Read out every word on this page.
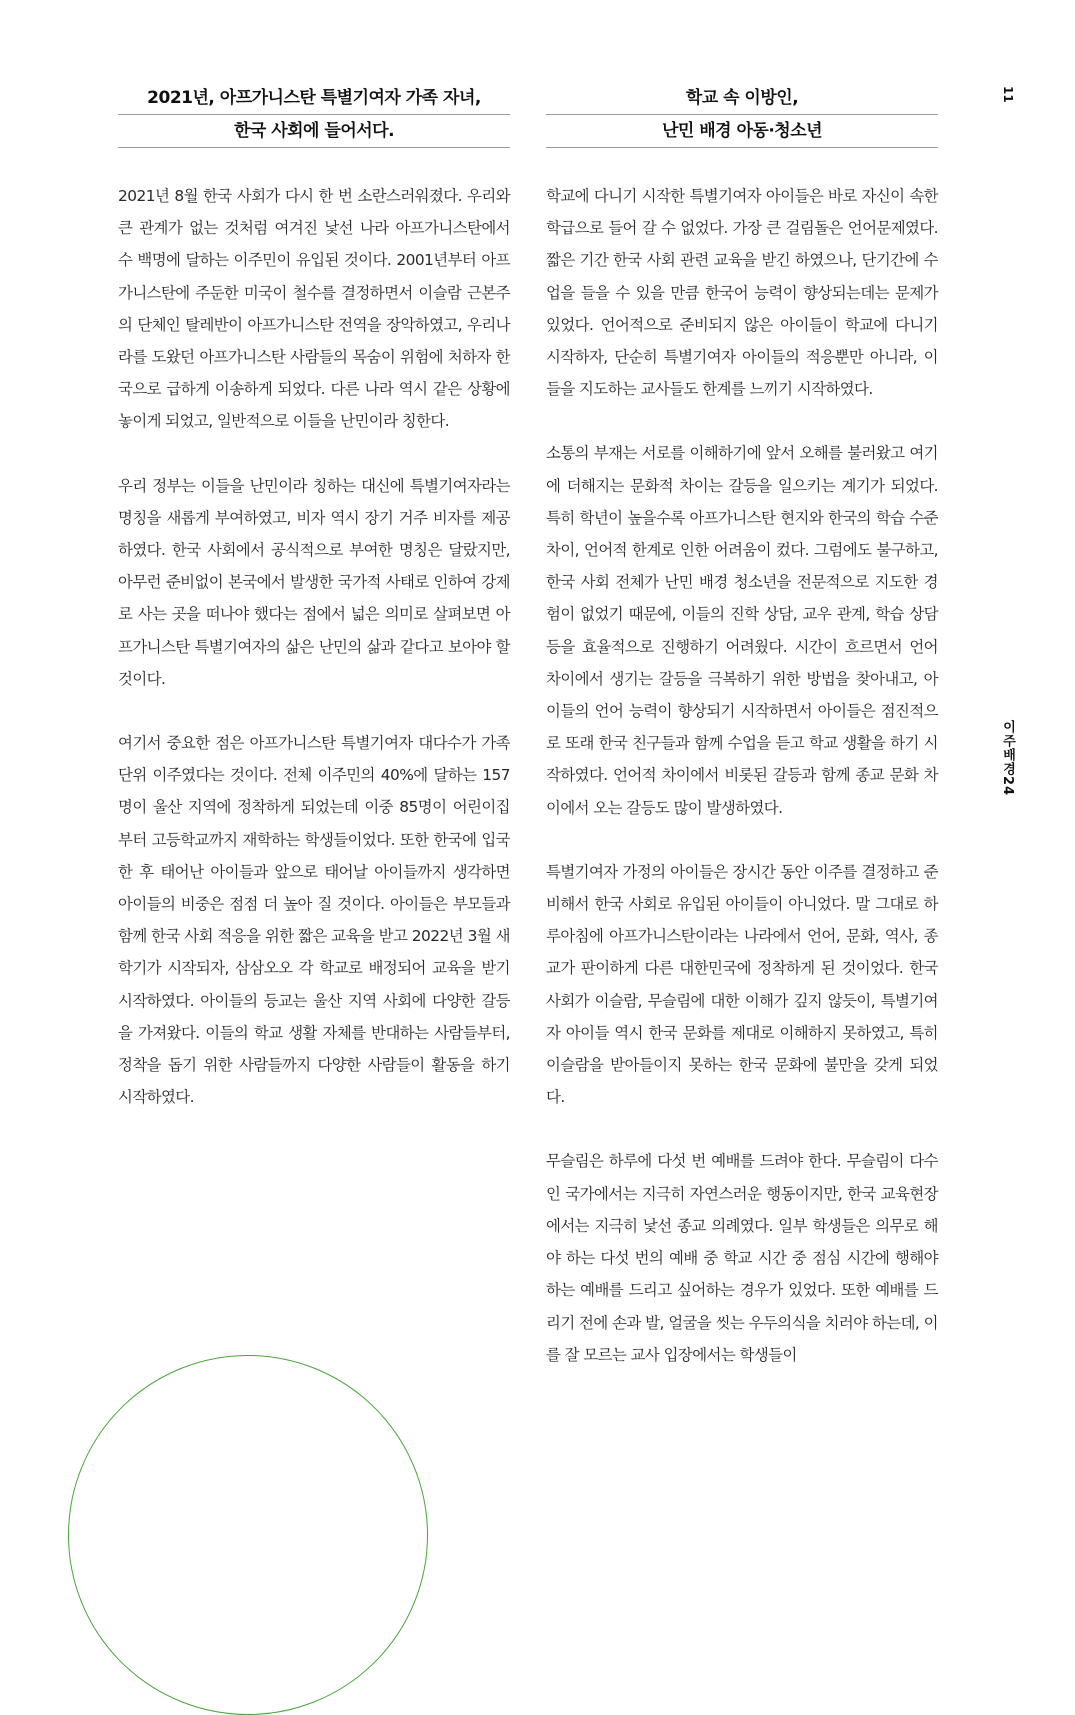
2021년, 아프가니스탄 특별기여자 가족 자녀,
한국 사회에 들어서다.

2021년 8월 한국 사회가 다시 한 번 소란스러워졌다. 우리와 큰 관계가 없는 것처럼 여겨진 낯선 나라 아프가니스탄에서 수 백명에 달하는 이주민이 유입된 것이다. 2001년부터 아프가니스탄에 주둔한 미국이 철수를 결정하면서 이슬람 근본주의 단체인 탈레반이 아프가니스탄 전역을 장악하였고, 우리나라를 도왔던 아프가니스탄 사람들의 목숨이 위험에 처하자 한국으로 급하게 이송하게 되었다. 다른 나라 역시 같은 상황에 놓이게 되었고, 일반적으로 이들을 난민이라 칭한다.

우리 정부는 이들을 난민이라 칭하는 대신에 특별기여자라는 명칭을 새롭게 부여하였고, 비자 역시 장기 거주 비자를 제공하였다. 한국 사회에서 공식적으로 부여한 명칭은 달랐지만, 아무런 준비없이 본국에서 발생한 국가적 사태로 인하여 강제로 사는 곳을 떠나야 했다는 점에서 넓은 의미로 살펴보면 아프가니스탄 특별기여자의 삶은 난민의 삶과 같다고 보아야 할 것이다.

여기서 중요한 점은 아프가니스탄 특별기여자 대다수가 가족 단위 이주였다는 것이다. 전체 이주민의 40%에 달하는 157명이 울산 지역에 정착하게 되었는데 이중 85명이 어린이집부터 고등학교까지 재학하는 학생들이었다. 또한 한국에 입국한 후 태어난 아이들과 앞으로 태어날 아이들까지 생각하면 아이들의 비중은 점점 더 높아 질 것이다. 아이들은 부모들과 함께 한국 사회 적응을 위한 짧은 교육을 받고 2022년 3월 새학기가 시작되자, 삼삼오오 각 학교로 배정되어 교육을 받기 시작하였다. 아이들의 등교는 울산 지역 사회에 다양한 갈등을 가져왔다. 이들의 학교 생활 자체를 반대하는 사람들부터, 정착을 돕기 위한 사람들까지 다양한 사람들이 활동을 하기 시작하였다.

학교 속 이방인,
난민 배경 아동·청소년

학교에 다니기 시작한 특별기여자 아이들은 바로 자신이 속한 학급으로 들어 갈 수 없었다. 가장 큰 걸림돌은 언어문제였다. 짧은 기간 한국 사회 관련 교육을 받긴 하였으나, 단기간에 수업을 들을 수 있을 만큼 한국어 능력이 향상되는데는 문제가 있었다. 언어적으로 준비되지 않은 아이들이 학교에 다니기 시작하자, 단순히 특별기여자 아이들의 적응뿐만 아니라, 이들을 지도하는 교사들도 한계를 느끼기 시작하였다.

소통의 부재는 서로를 이해하기에 앞서 오해를 불러왔고 여기에 더해지는 문화적 차이는 갈등을 일으키는 계기가 되었다. 특히 학년이 높을수록 아프가니스탄 현지와 한국의 학습 수준 차이, 언어적 한계로 인한 어려움이 컸다. 그럼에도 불구하고, 한국 사회 전체가 난민 배경 청소년을 전문적으로 지도한 경험이 없었기 때문에, 이들의 진학 상담, 교우 관계, 학습 상담 등을 효율적으로 진행하기 어려웠다. 시간이 흐르면서 언어 차이에서 생기는 갈등을 극복하기 위한 방법을 찾아내고, 아이들의 언어 능력이 향상되기 시작하면서 아이들은 점진적으로 또래 한국 친구들과 함께 수업을 듣고 학교 생활을 하기 시작하였다. 언어적 차이에서 비롯된 갈등과 함께 종교 문화 차이에서 오는 갈등도 많이 발생하였다.

특별기여자 가정의 아이들은 장시간 동안 이주를 결정하고 준비해서 한국 사회로 유입된 아이들이 아니었다. 말 그대로 하루아침에 아프가니스탄이라는 나라에서 언어, 문화, 역사, 종교가 판이하게 다른 대한민국에 정착하게 된 것이었다. 한국 사회가 이슬람, 무슬림에 대한 이해가 깊지 않듯이, 특별기여자 아이들 역시 한국 문화를 제대로 이해하지 못하였고, 특히 이슬람을 받아들이지 못하는 한국 문화에 불만을 갖게 되었다.

무슬림은 하루에 다섯 번 예배를 드려야 한다. 무슬림이 다수인 국가에서는 지극히 자연스러운 행동이지만, 한국 교육현장에서는 지극히 낯선 종교 의례였다. 일부 학생들은 의무로 해야 하는 다섯 번의 예배 중 학교 시간 중 점심 시간에 행해야 하는 예배를 드리고 싶어하는 경우가 있었다. 또한 예배를 드리기 전에 손과 발, 얼굴을 씻는 우두의식을 치러야 하는데, 이를 잘 모르는 교사 입장에서는 학생들이

11
이주배경24
